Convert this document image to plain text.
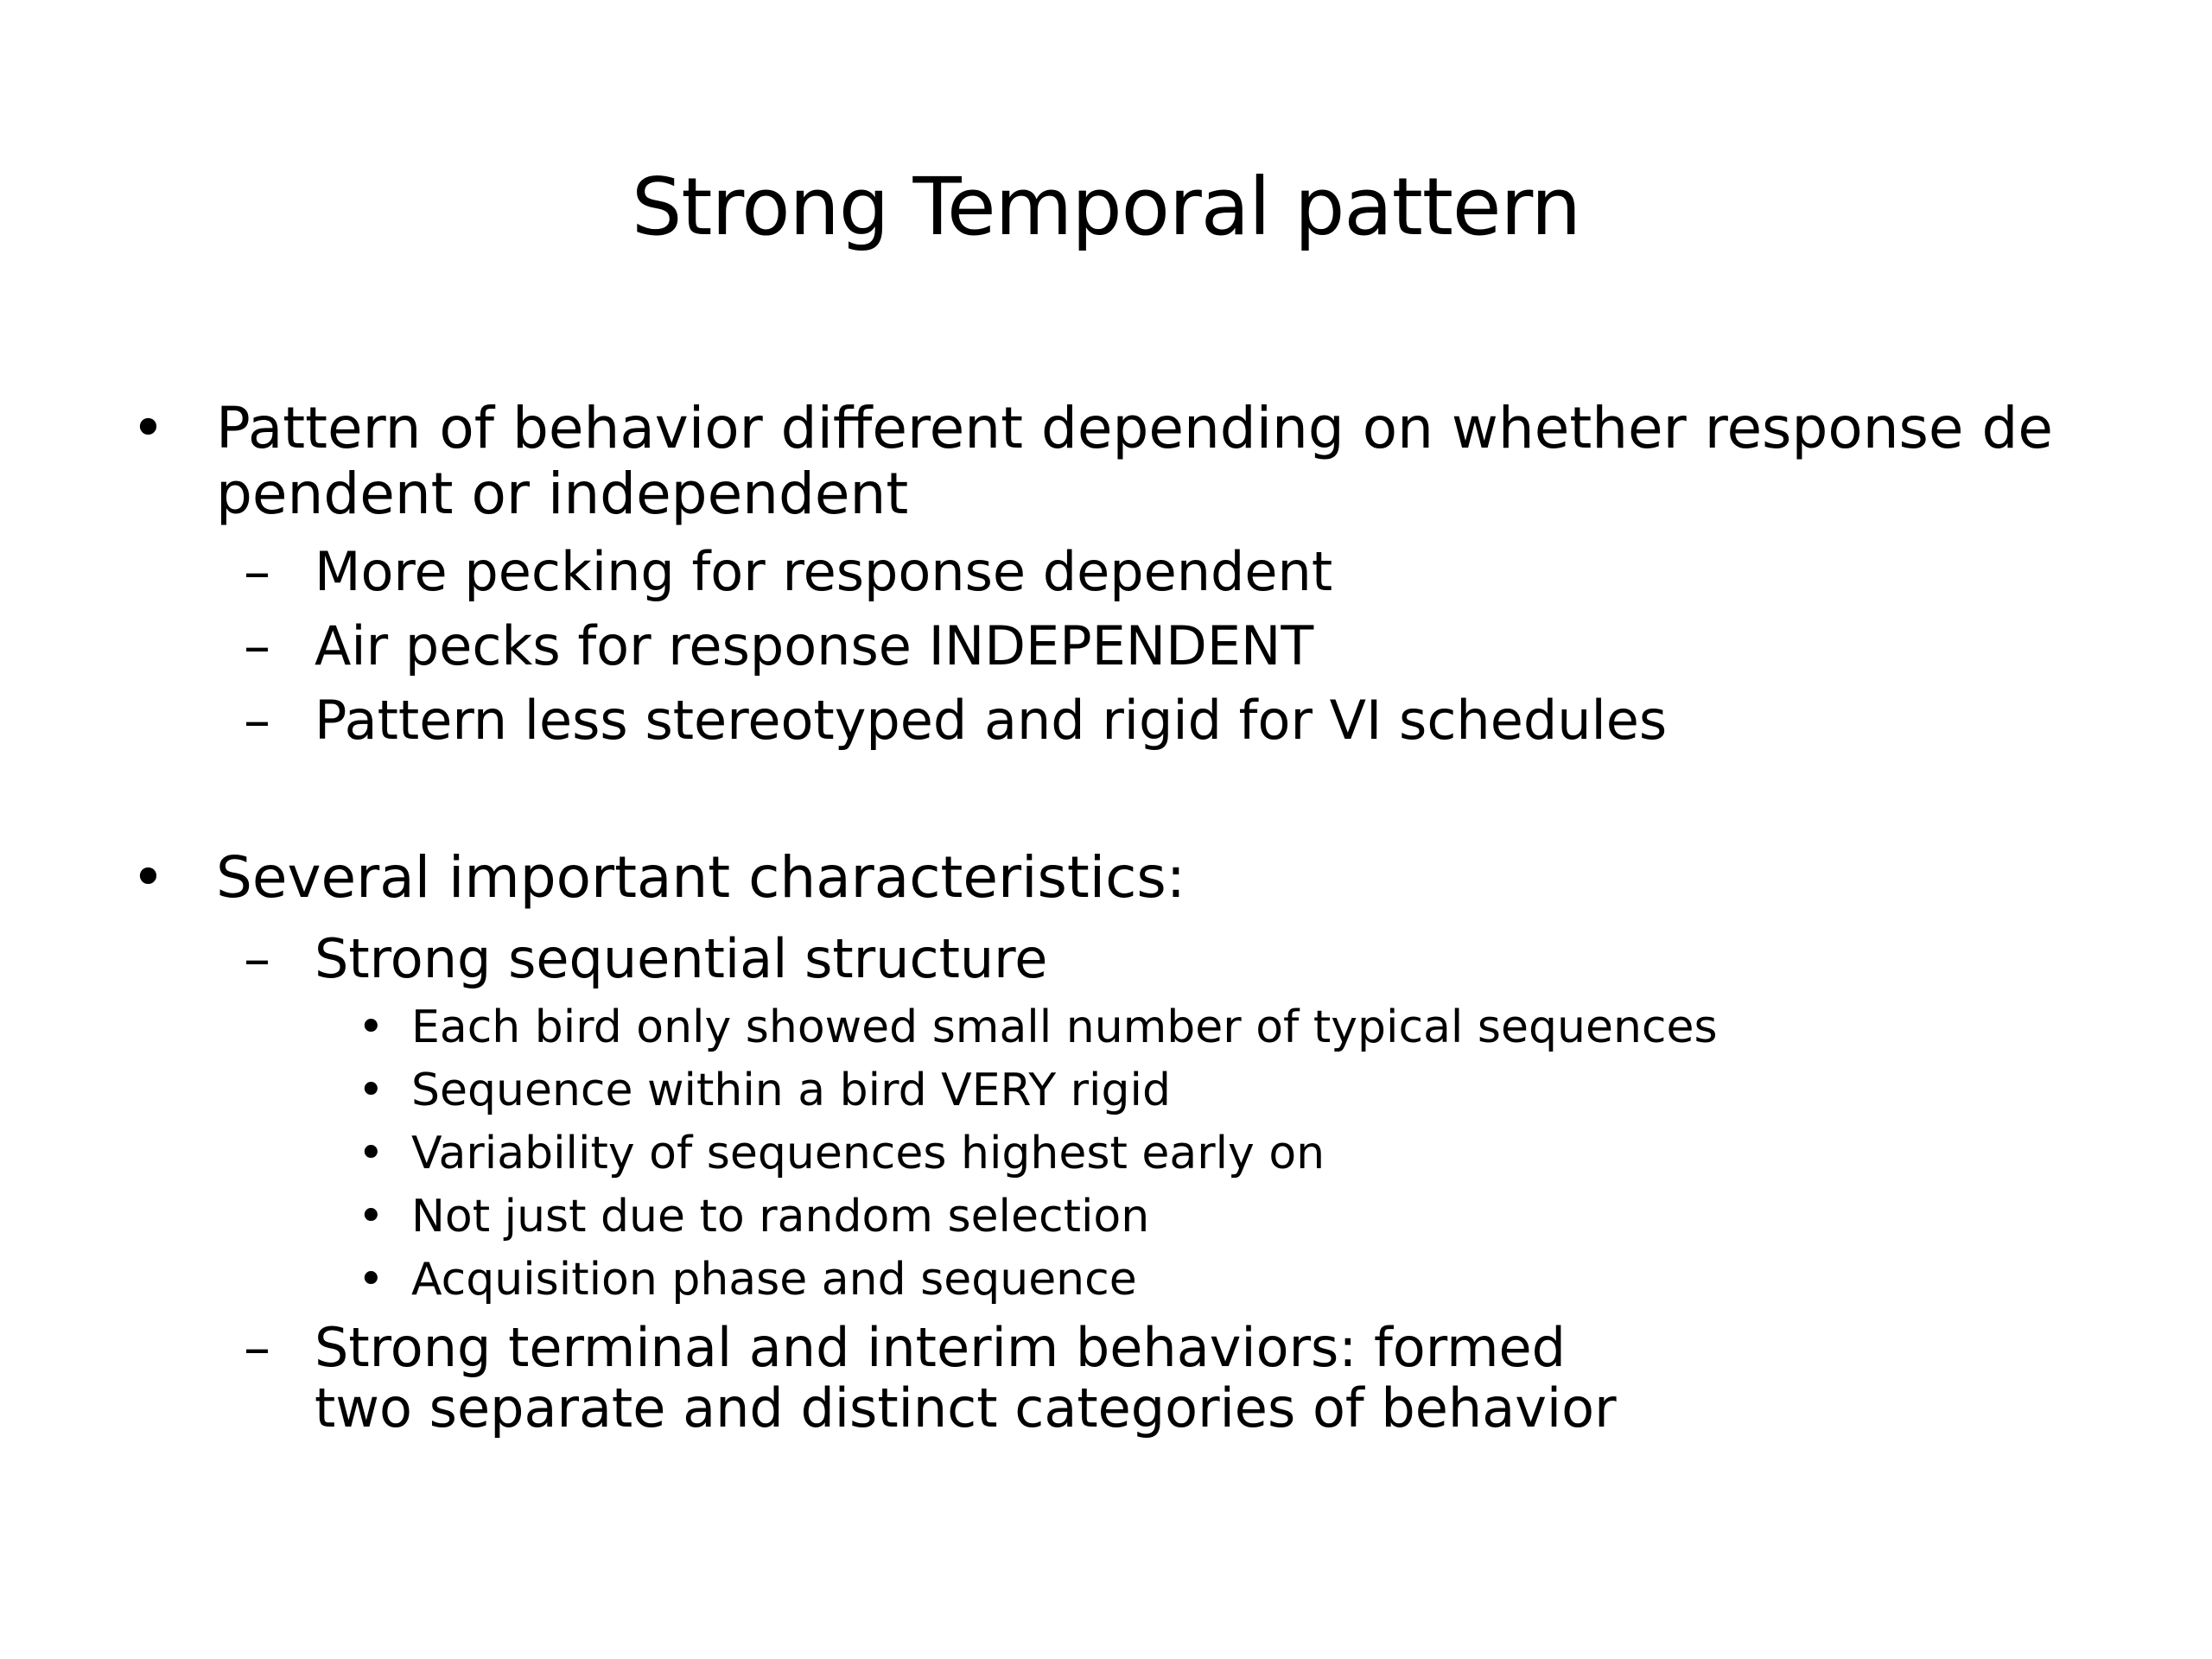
Strong Temporal pattern
• Pattern of behavior different depending on whether response de
pendent or independent
– More pecking for response dependent
– Air pecks for response INDEPENDENT
– Pattern less stereotyped and rigid for VI schedules
• Several important characteristics:
– Strong sequential structure
• Each bird only showed small number of typical sequences
• Sequence within a bird VERY rigid
• Variability of sequences highest early on
• Not just due to random selection
• Acquisition phase and sequence
– Strong terminal and interim behaviors: formed
two separate and distinct categories of behavior
